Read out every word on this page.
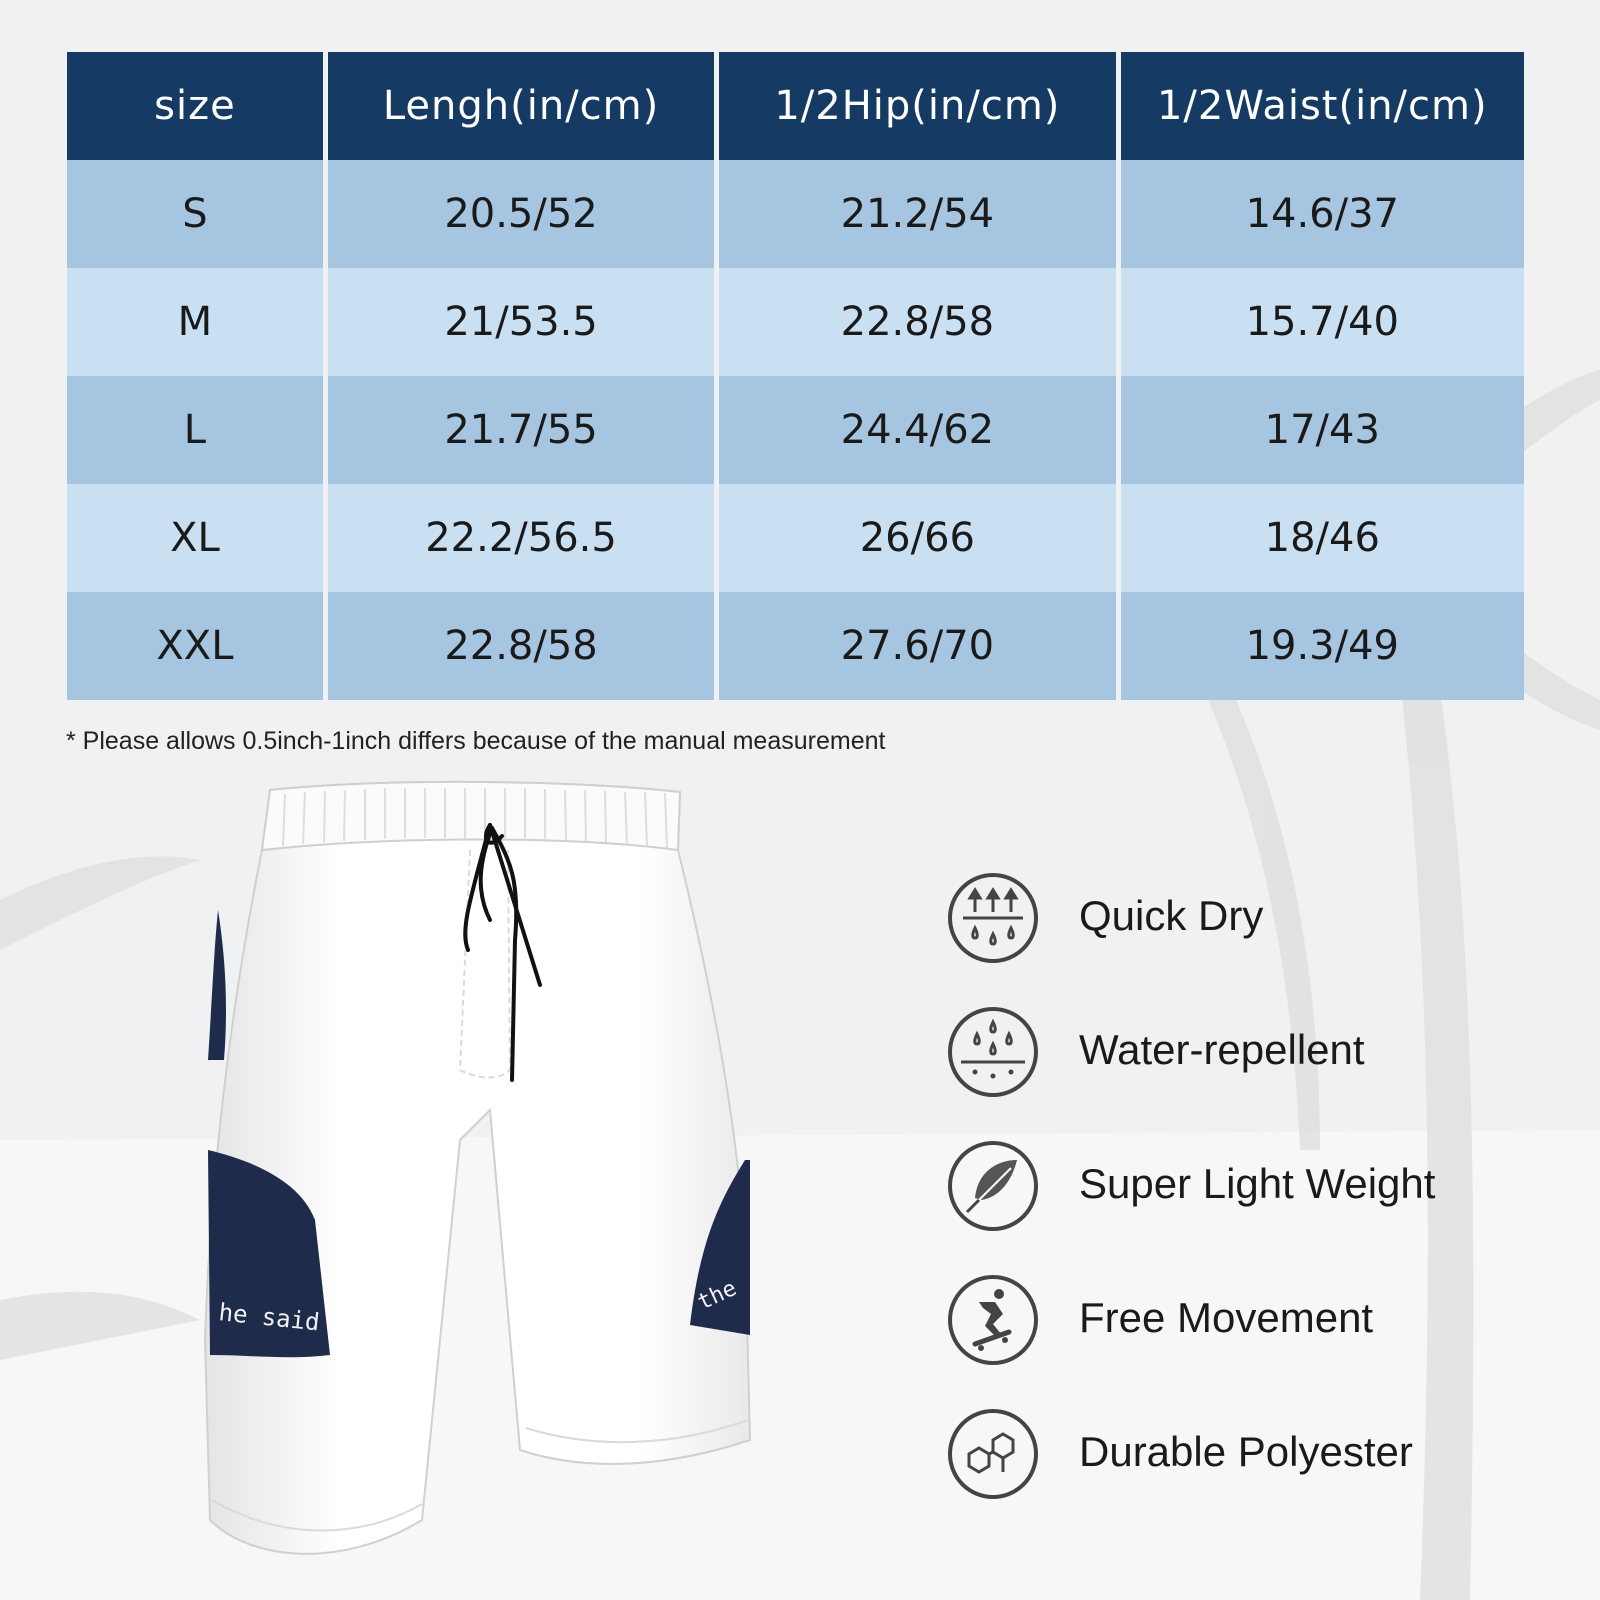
size	Lengh(in/cm)	1/2Hip(in/cm)	1/2Waist(in/cm)
S	20.5/52	21.2/54	14.6/37
M	21/53.5	22.8/58	15.7/40
L	21.7/55	24.4/62	17/43
XL	22.2/56.5	26/66	18/46
XXL	22.8/58	27.6/70	19.3/49
* Please allows 0.5inch-1inch differs because of the manual measurement
he said
the
Quick Dry
Water-repellent
Super Light Weight
Free Movement
Durable Polyester
